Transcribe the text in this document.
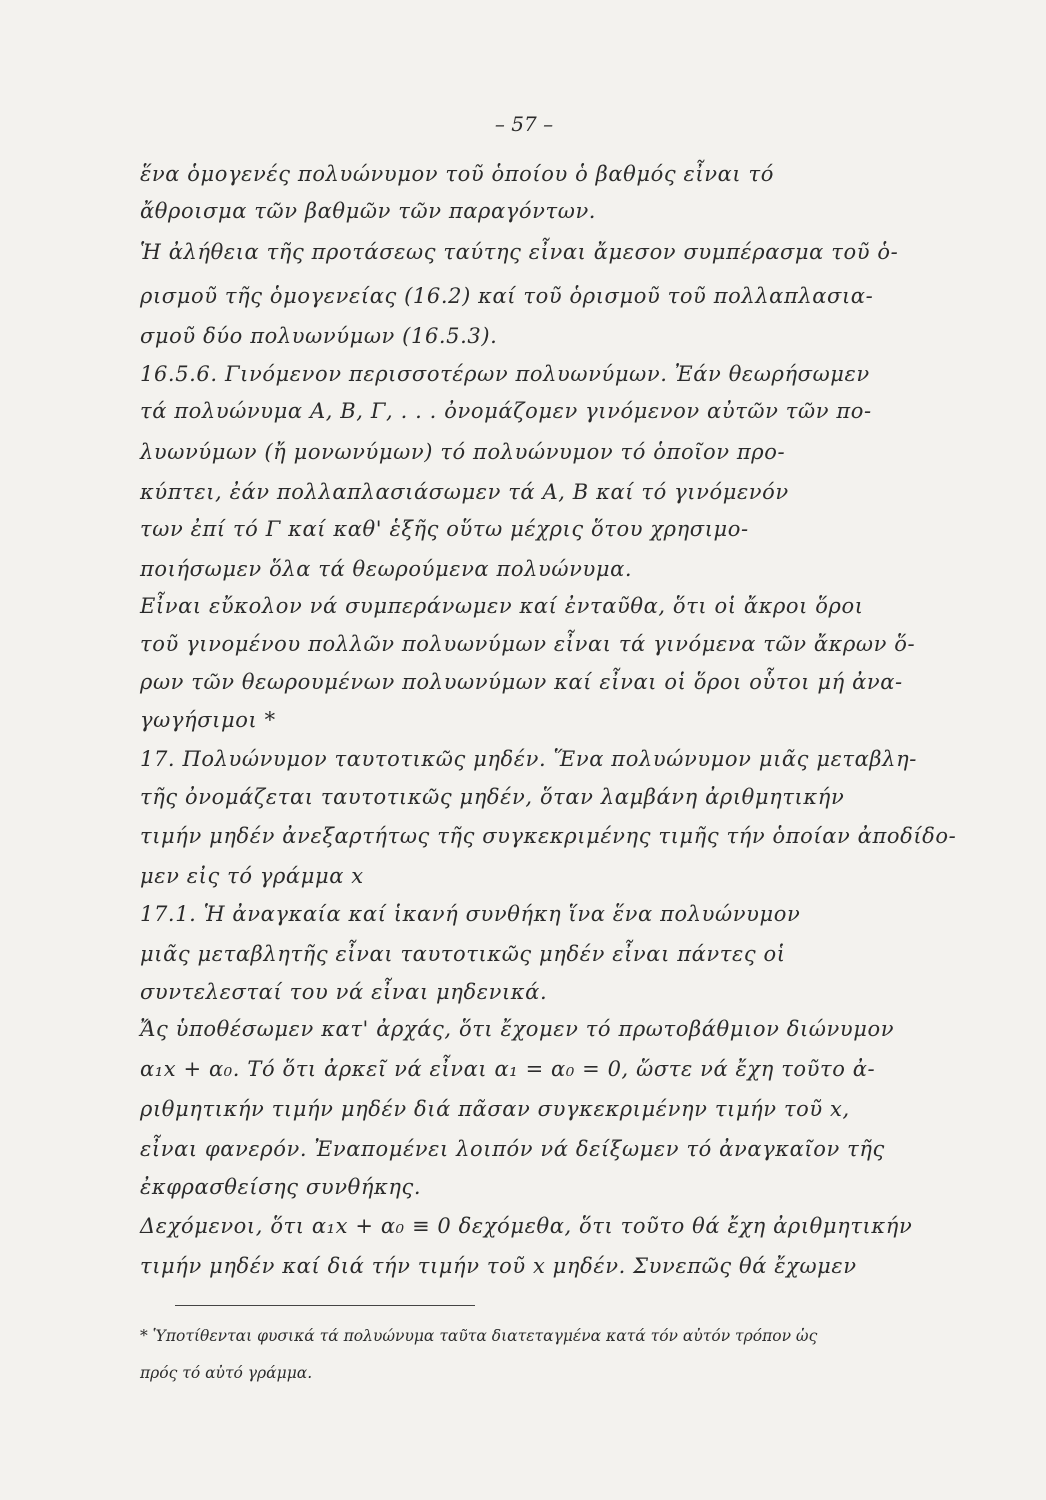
– 57 –
ἕνα ὁμογενές πολυώνυμον τοῦ ὁποίου ὁ βαθμός εἶναι τό
ἄθροισμα τῶν βαθμῶν τῶν παραγόντων.
Ἡ ἀλήθεια τῆς προτάσεως ταύτης εἶναι ἄμεσον συμπέρασμα τοῦ ὁ-
ρισμοῦ τῆς ὁμογενείας (16.2) καί τοῦ ὁρισμοῦ τοῦ πολλαπλασια-
σμοῦ δύο πολυωνύμων (16.5.3).
16.5.6. Γινόμενον περισσοτέρων πολυωνύμων. Ἐάν θεωρήσωμεν
τά πολυώνυμα Α, Β, Γ, . . . ὀνομάζομεν γινόμενον αὐτῶν τῶν πο-
λυωνύμων (ἤ μονωνύμων) τό πολυώνυμον τό ὁποῖον προ-
κύπτει, ἐάν πολλαπλασιάσωμεν τά Α, Β καί τό γινόμενόν
των ἐπί τό Γ καί καθ' ἑξῆς οὕτω μέχρις ὅτου χρησιμο-
ποιήσωμεν ὅλα τά θεωρούμενα πολυώνυμα.
Εἶναι εὔκολον νά συμπεράνωμεν καί ἐνταῦθα, ὅτι οἱ ἄκροι ὅροι
τοῦ γινομένου πολλῶν πολυωνύμων εἶναι τά γινόμενα τῶν ἄκρων ὅ-
ρων τῶν θεωρουμένων πολυωνύμων καί εἶναι οἱ ὅροι οὗτοι μή ἀνα-
γωγήσιμοι *
17. Πολυώνυμον ταυτοτικῶς μηδέν. Ἕνα πολυώνυμον μιᾶς μεταβλη-
τῆς ὀνομάζεται ταυτοτικῶς μηδέν, ὅταν λαμβάνη ἀριθμητικήν
τιμήν μηδέν ἀνεξαρτήτως τῆς συγκεκριμένης τιμῆς τήν ὁποίαν ἀποδίδο-
μεν εἰς τό γράμμα x
17.1. Ἡ ἀναγκαία καί ἱκανή συνθήκη ἵνα ἕνα πολυώνυμον
μιᾶς μεταβλητῆς εἶναι ταυτοτικῶς μηδέν εἶναι πάντες οἱ
συντελεσταί του νά εἶναι μηδενικά.
Ἄς ὑποθέσωμεν κατ' ἀρχάς, ὅτι ἔχομεν τό πρωτοβάθμιον διώνυμον
α₁x + α₀. Τό ὅτι ἀρκεῖ νά εἶναι α₁ = α₀ = 0, ὥστε νά ἔχη τοῦτο ἀ-
ριθμητικήν τιμήν μηδέν διά πᾶσαν συγκεκριμένην τιμήν τοῦ x,
εἶναι φανερόν. Ἐναπομένει λοιπόν νά δείξωμεν τό ἀναγκαῖον τῆς
ἐκφρασθείσης συνθήκης.
Δεχόμενοι, ὅτι α₁x + α₀ ≡ 0 δεχόμεθα, ὅτι τοῦτο θά ἔχη ἀριθμητικήν
τιμήν μηδέν καί διά τήν τιμήν τοῦ x μηδέν. Συνεπῶς θά ἔχωμεν
* Ὑποτίθενται φυσικά τά πολυώνυμα ταῦτα διατεταγμένα κατά τόν αὐτόν τρόπον ὡς
πρός τό αὐτό γράμμα.
